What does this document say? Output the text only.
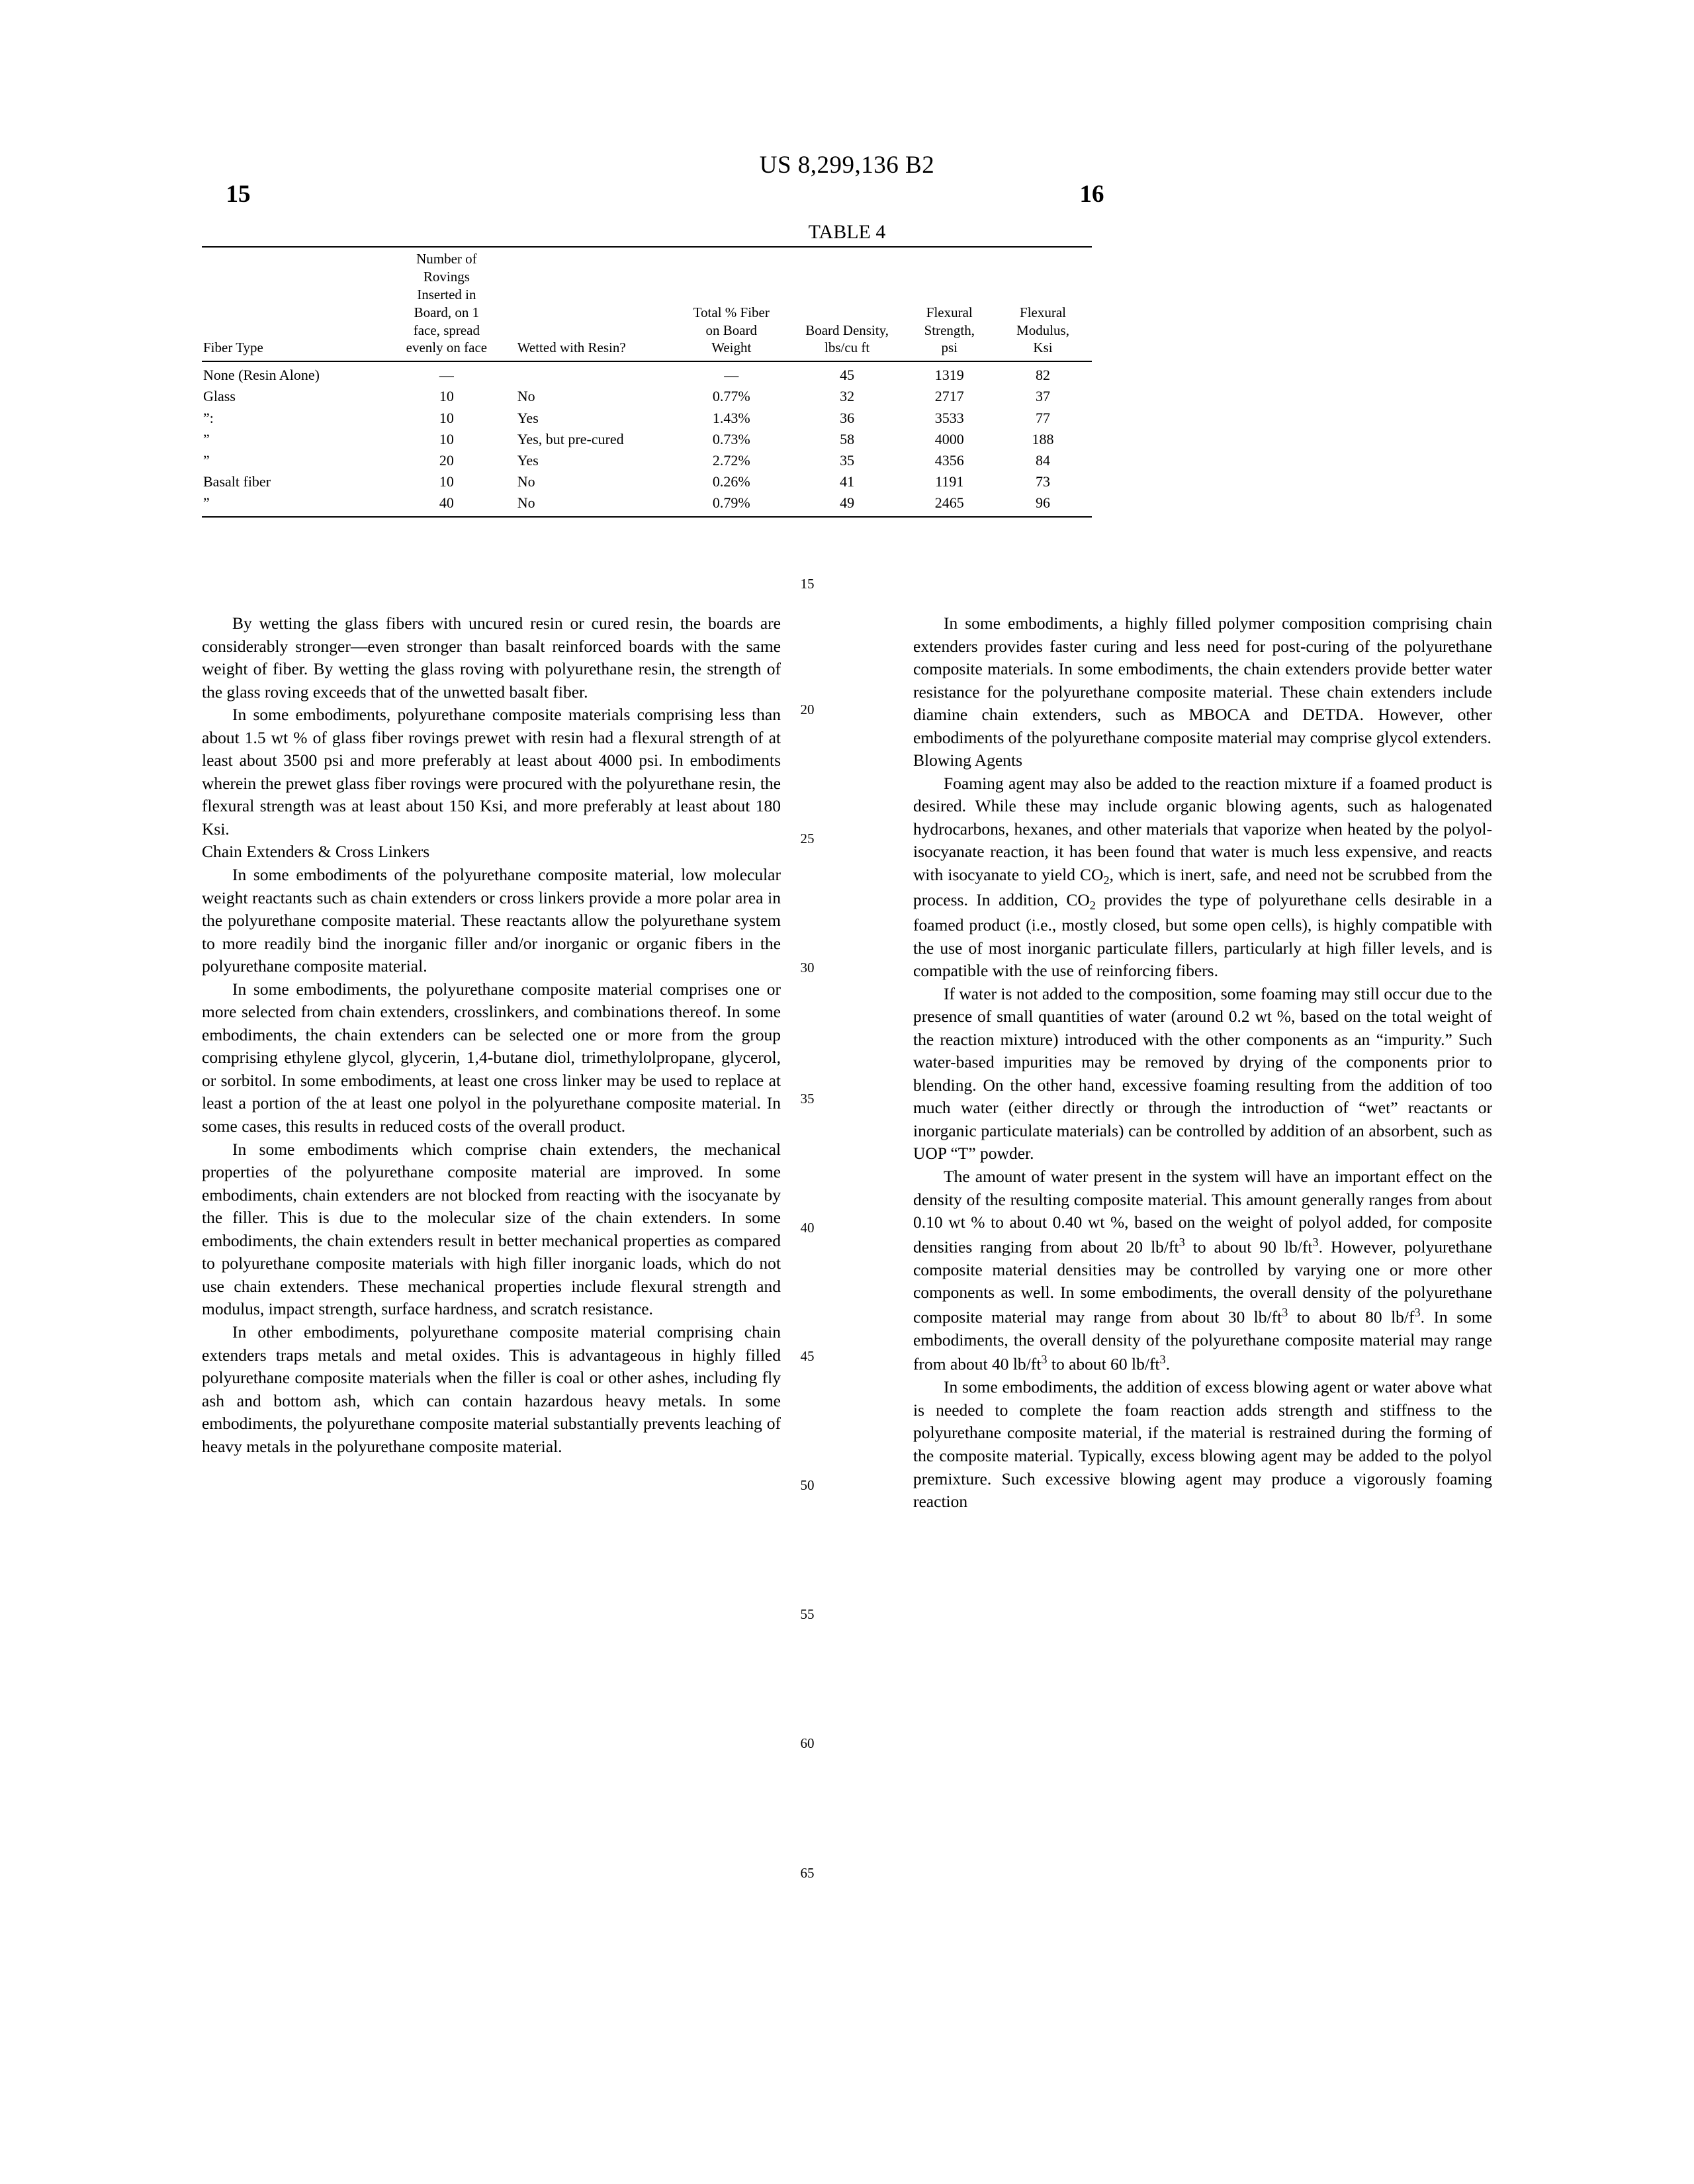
US 8,299,136 B2
15	16
TABLE 4
Fiber Type

Number of
Rovings
Inserted in
Board, on 1
face, spread
evenly on face	Wetted with Resin?

Total % Fiber
on Board
Weight

Board Density,
lbs/cu ft

Flexural
Strength,
psi

Flexural
Modulus,
Ksi
None (Resin Alone)	—		—	45	1319	82
Glass	10	No	0.77%	32	2717	37
”:	10	Yes	1.43%	36	3533	77
”	10	Yes, but pre-cured	0.73%	58	4000	188
”	20	Yes	2.72%	35	4356	84
Basalt fiber	10	No	0.26%	41	1191	73
”	40	No	0.79%	49	2465	96
15
20
25
30
35
40
45
50
55
60
65

By wetting the glass fibers with uncured resin or cured resin, the boards are considerably stronger—even stronger than basalt reinforced boards with the same weight of fiber. By wetting the glass roving with polyurethane resin, the strength of the glass roving exceeds that of the unwetted basalt fiber.

In some embodiments, polyurethane composite materials comprising less than about 1.5 wt % of glass fiber rovings prewet with resin had a flexural strength of at least about 3500 psi and more preferably at least about 4000 psi. In embodiments wherein the prewet glass fiber rovings were procured with the polyurethane resin, the flexural strength was at least about 150 Ksi, and more preferably at least about 180 Ksi.

Chain Extenders & Cross Linkers

In some embodiments of the polyurethane composite material, low molecular weight reactants such as chain extenders or cross linkers provide a more polar area in the polyurethane composite material. These reactants allow the polyurethane system to more readily bind the inorganic filler and/or inorganic or organic fibers in the polyurethane composite material.

In some embodiments, the polyurethane composite material comprises one or more selected from chain extenders, crosslinkers, and combinations thereof. In some embodiments, the chain extenders can be selected one or more from the group comprising ethylene glycol, glycerin, 1,4-butane diol, trimethylolpropane, glycerol, or sorbitol. In some embodiments, at least one cross linker may be used to replace at least a portion of the at least one polyol in the polyurethane composite material. In some cases, this results in reduced costs of the overall product.

In some embodiments which comprise chain extenders, the mechanical properties of the polyurethane composite material are improved. In some embodiments, chain extenders are not blocked from reacting with the isocyanate by the filler. This is due to the molecular size of the chain extenders. In some embodiments, the chain extenders result in better mechanical properties as compared to polyurethane composite materials with high filler inorganic loads, which do not use chain extenders. These mechanical properties include flexural strength and modulus, impact strength, surface hardness, and scratch resistance.

In other embodiments, polyurethane composite material comprising chain extenders traps metals and metal oxides. This is advantageous in highly filled polyurethane composite materials when the filler is coal or other ashes, including fly ash and bottom ash, which can contain hazardous heavy metals. In some embodiments, the polyurethane composite material substantially prevents leaching of heavy metals in the polyurethane composite material.

In some embodiments, a highly filled polymer composition comprising chain extenders provides faster curing and less need for post-curing of the polyurethane composite materials. In some embodiments, the chain extenders provide better water resistance for the polyurethane composite material. These chain extenders include diamine chain extenders, such as MBOCA and DETDA. However, other embodiments of the polyurethane composite material may comprise glycol extenders.

Blowing Agents

Foaming agent may also be added to the reaction mixture if a foamed product is desired. While these may include organic blowing agents, such as halogenated hydrocarbons, hexanes, and other materials that vaporize when heated by the polyol-isocyanate reaction, it has been found that water is much less expensive, and reacts with isocyanate to yield $CO_2$, which is inert, safe, and need not be scrubbed from the process. In addition, $CO_2$ provides the type of polyurethane cells desirable in a foamed product (i.e., mostly closed, but some open cells), is highly compatible with the use of most inorganic particulate fillers, particularly at high filler levels, and is compatible with the use of reinforcing fibers.

If water is not added to the composition, some foaming may still occur due to the presence of small quantities of water (around 0.2 wt %, based on the total weight of the reaction mixture) introduced with the other components as an “impurity.” Such water-based impurities may be removed by drying of the components prior to blending. On the other hand, excessive foaming resulting from the addition of too much water (either directly or through the introduction of “wet” reactants or inorganic particulate materials) can be controlled by addition of an absorbent, such as UOP “T” powder.

The amount of water present in the system will have an important effect on the density of the resulting composite material. This amount generally ranges from about 0.10 wt % to about 0.40 wt %, based on the weight of polyol added, for composite densities ranging from about 20 $lb/ft^3$ to about 90 $lb/ft^3$. However, polyurethane composite material densities may be controlled by varying one or more other components as well. In some embodiments, the overall density of the polyurethane composite material may range from about 30 $lb/ft^3$ to about 80 $lb/f^3$. In some embodiments, the overall density of the polyurethane composite material may range from about 40 $lb/ft^3$ to about 60 $lb/ft^3$.

In some embodiments, the addition of excess blowing agent or water above what is needed to complete the foam reaction adds strength and stiffness to the polyurethane composite material, if the material is restrained during the forming of the composite material. Typically, excess blowing agent may be added to the polyol premixture. Such excessive blowing agent may produce a vigorously foaming reaction
